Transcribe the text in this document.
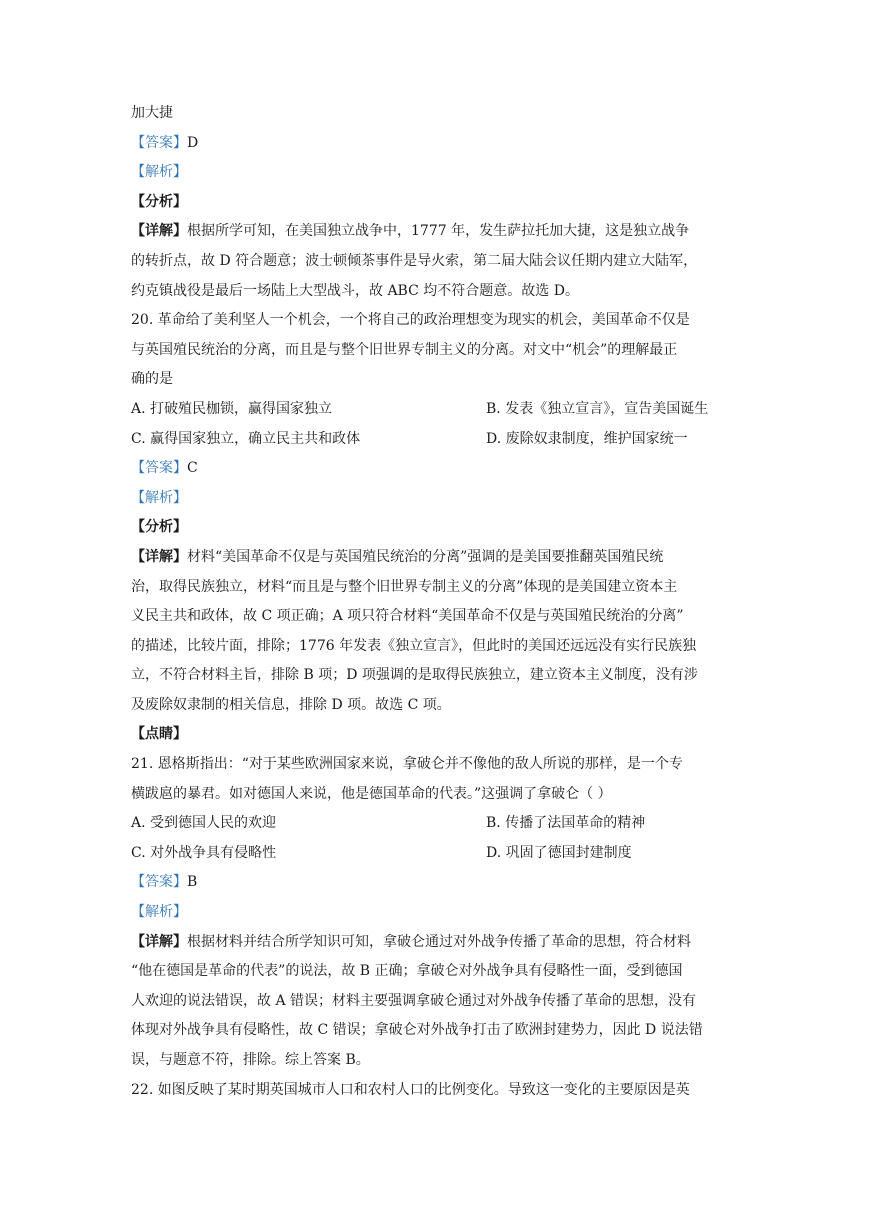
加大捷
【答案】D
【解析】
【分析】
【详解】根据所学可知，在美国独立战争中，1777 年，发生萨拉托加大捷，这是独立战争
的转折点，故 D 符合题意；波士顿倾茶事件是导火索，第二届大陆会议任期内建立大陆军，
约克镇战役是最后一场陆上大型战斗，故 ABC 均不符合题意。故选 D。
20. 革命给了美利坚人一个机会，一个将自己的政治理想变为现实的机会，美国革命不仅是
与英国殖民统治的分离，而且是与整个旧世界专制主义的分离。对文中“机会”的理解最正
确的是
A. 打破殖民枷锁，赢得国家独立	B. 发表《独立宣言》，宣告美国诞生
C. 赢得国家独立，确立民主共和政体	D. 废除奴隶制度，维护国家统一
【答案】C
【解析】
【分析】
【详解】材料“美国革命不仅是与英国殖民统治的分离”强调的是美国要推翻英国殖民统
治，取得民族独立，材料“而且是与整个旧世界专制主义的分离”体现的是美国建立资本主
义民主共和政体，故 C 项正确；A 项只符合材料“美国革命不仅是与英国殖民统治的分离”
的描述，比较片面，排除；1776 年发表《独立宣言》，但此时的美国还远远没有实行民族独
立，不符合材料主旨，排除 B 项；D 项强调的是取得民族独立，建立资本主义制度，没有涉
及废除奴隶制的相关信息，排除 D 项。故选 C 项。
【点睛】
21. 恩格斯指出：“对于某些欧洲国家来说，拿破仑并不像他的敌人所说的那样，是一个专
横跋扈的暴君。如对德国人来说，他是德国革命的代表。”这强调了拿破仑（ ）
A. 受到德国人民的欢迎	B. 传播了法国革命的精神
C. 对外战争具有侵略性	D. 巩固了德国封建制度
【答案】B
【解析】
【详解】根据材料并结合所学知识可知，拿破仑通过对外战争传播了革命的思想，符合材料
“他在德国是革命的代表”的说法，故 B 正确；拿破仑对外战争具有侵略性一面，受到德国
人欢迎的说法错误，故 A 错误；材料主要强调拿破仑通过对外战争传播了革命的思想，没有
体现对外战争具有侵略性，故 C 错误；拿破仑对外战争打击了欧洲封建势力，因此 D 说法错
误，与题意不符，排除。综上答案 B。
22. 如图反映了某时期英国城市人口和农村人口的比例变化。导致这一变化的主要原因是英
